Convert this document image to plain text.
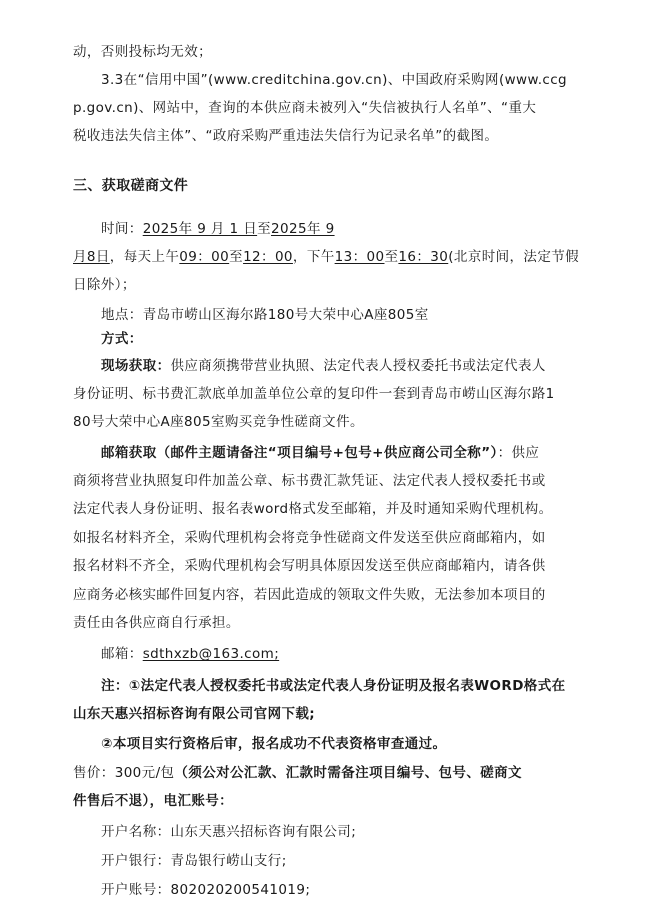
动，否则投标均无效；
3.3在“信用中国”(www.creditchina.gov.cn)、中国政府采购网(www.ccg
p.gov.cn)、网站中，查询的本供应商未被列入“失信被执行人名单”、“重大
税收违法失信主体”、“政府采购严重违法失信行为记录名单”的截图。
三、获取磋商文件
时间：2025年 9 月 1 日至2025年 9
月8日，每天上午09：00至12：00，下午13：00至16：30(北京时间，法定节假
日除外）；
地点：青岛市崂山区海尔路180号大荣中心A座805室
方式：
现场获取：供应商须携带营业执照、法定代表人授权委托书或法定代表人
身份证明、标书费汇款底单加盖单位公章的复印件一套到青岛市崂山区海尔路1
80号大荣中心A座805室购买竞争性磋商文件。
邮箱获取（邮件主题请备注“项目编号+包号+供应商公司全称”）：供应
商须将营业执照复印件加盖公章、标书费汇款凭证、法定代表人授权委托书或
法定代表人身份证明、报名表word格式发至邮箱，并及时通知采购代理机构。
如报名材料齐全，采购代理机构会将竞争性磋商文件发送至供应商邮箱内，如
报名材料不齐全，采购代理机构会写明具体原因发送至供应商邮箱内，请各供
应商务必核实邮件回复内容，若因此造成的领取文件失败，无法参加本项目的
责任由各供应商自行承担。
邮箱：sdthxzb@163.com;
注：①法定代表人授权委托书或法定代表人身份证明及报名表WORD格式在
山东天惠兴招标咨询有限公司官网下载;
②本项目实行资格后审，报名成功不代表资格审查通过。
售价：300元/包（须公对公汇款、汇款时需备注项目编号、包号、磋商文
件售后不退），电汇账号：
开户名称：山东天惠兴招标咨询有限公司;
开户银行：青岛银行崂山支行;
开户账号：802020200541019;
